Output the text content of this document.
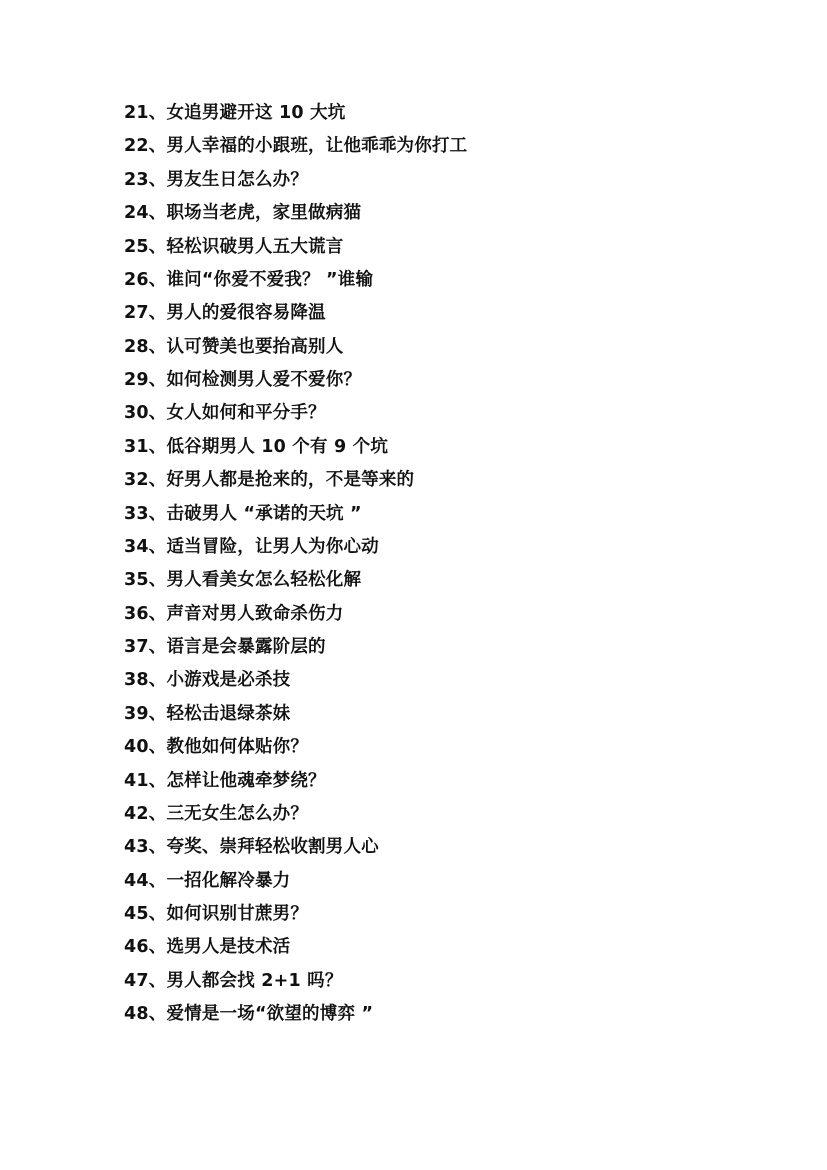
21、女追男避开这 10 大坑
22、男人幸福的小跟班，让他乖乖为你打工
23、男友生日怎么办？
24、职场当老虎，家里做病猫
25、轻松识破男人五大谎言
26、谁问“你爱不爱我？ ”谁输
27、男人的爱很容易降温
28、认可赞美也要抬高别人
29、如何检测男人爱不爱你？
30、女人如何和平分手？
31、低谷期男人 10 个有 9 个坑
32、好男人都是抢来的，不是等来的
33、击破男人 “承诺的天坑 ”
34、适当冒险，让男人为你心动
35、男人看美女怎么轻松化解
36、声音对男人致命杀伤力
37、语言是会暴露阶层的
38、小游戏是必杀技
39、轻松击退绿茶妹
40、教他如何体贴你？
41、怎样让他魂牵梦绕？
42、三无女生怎么办？
43、夸奖、崇拜轻松收割男人心
44、一招化解冷暴力
45、如何识别甘蔗男？
46、选男人是技术活
47、男人都会找 2+1 吗？
48、爱情是一场“欲望的博弈 ”
